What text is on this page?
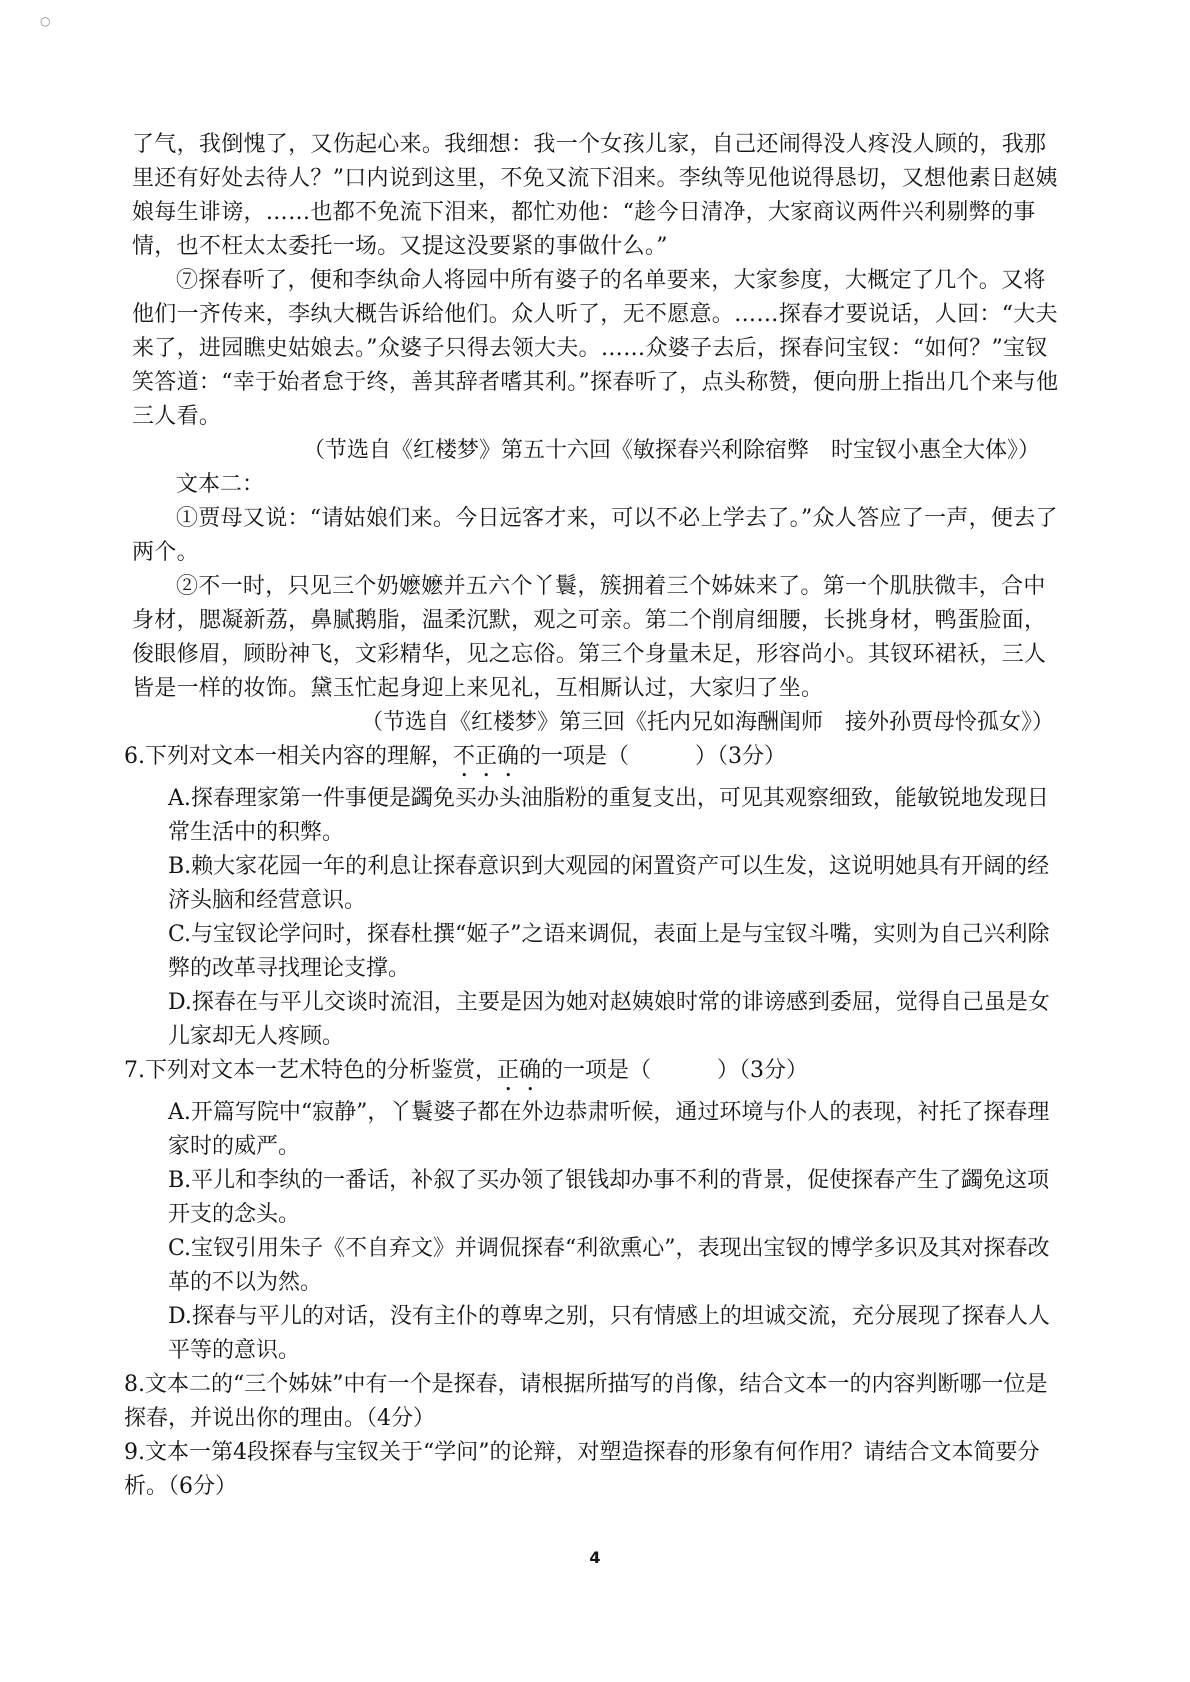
○

了气，我倒愧了，又伤起心来。我细想：我一个女孩儿家，自己还闹得没人疼没人顾的，我那里还有好处去待人？”口内说到这里，不免又流下泪来。李纨等见他说得恳切，又想他素日赵姨娘每生诽谤，……也都不免流下泪来，都忙劝他：“趁今日清净，大家商议两件兴利剔弊的事情，也不枉太太委托一场。又提这没要紧的事做什么。”

⑦探春听了，便和李纨命人将园中所有婆子的名单要来，大家参度，大概定了几个。又将他们一齐传来，李纨大概告诉给他们。众人听了，无不愿意。……探春才要说话，人回：“大夫来了，进园瞧史姑娘去。”众婆子只得去领大夫。……众婆子去后，探春问宝钗：“如何？”宝钗笑答道：“幸于始者怠于终，善其辞者嗜其利。”探春听了，点头称赞，便向册上指出几个来与他三人看。

（节选自《红楼梦》第五十六回《敏探春兴利除宿弊　时宝钗小惠全大体》）

文本二：

①贾母又说：“请姑娘们来。今日远客才来，可以不必上学去了。”众人答应了一声，便去了两个。

②不一时，只见三个奶嬷嬷并五六个丫鬟，簇拥着三个姊妹来了。第一个肌肤微丰，合中身材，腮凝新荔，鼻腻鹅脂，温柔沉默，观之可亲。第二个削肩细腰，长挑身材，鸭蛋脸面，俊眼修眉，顾盼神飞，文彩精华，见之忘俗。第三个身量未足，形容尚小。其钗环裙袄，三人皆是一样的妆饰。黛玉忙起身迎上来见礼，互相厮认过，大家归了坐。

（节选自《红楼梦》第三回《托内兄如海酬闺师　接外孙贾母怜孤女》）

6.下列对文本一相关内容的理解，不正确的一项是（　　　）（3分）

A.探春理家第一件事便是蠲免买办头油脂粉的重复支出，可见其观察细致，能敏锐地发现日常生活中的积弊。

B.赖大家花园一年的利息让探春意识到大观园的闲置资产可以生发，这说明她具有开阔的经济头脑和经营意识。

C.与宝钗论学问时，探春杜撰“姬子”之语来调侃，表面上是与宝钗斗嘴，实则为自己兴利除弊的改革寻找理论支撑。

D.探春在与平儿交谈时流泪，主要是因为她对赵姨娘时常的诽谤感到委屈，觉得自己虽是女儿家却无人疼顾。

7.下列对文本一艺术特色的分析鉴赏，正确的一项是（　　　）（3分）

A.开篇写院中“寂静”，丫鬟婆子都在外边恭肃听候，通过环境与仆人的表现，衬托了探春理家时的威严。

B.平儿和李纨的一番话，补叙了买办领了银钱却办事不利的背景，促使探春产生了蠲免这项开支的念头。

C.宝钗引用朱子《不自弃文》并调侃探春“利欲熏心”，表现出宝钗的博学多识及其对探春改革的不以为然。

D.探春与平儿的对话，没有主仆的尊卑之别，只有情感上的坦诚交流，充分展现了探春人人平等的意识。

8.文本二的“三个姊妹”中有一个是探春，请根据所描写的肖像，结合文本一的内容判断哪一位是探春，并说出你的理由。（4分）

9.文本一第4段探春与宝钗关于“学问”的论辩，对塑造探春的形象有何作用？请结合文本简要分析。（6分）

4
